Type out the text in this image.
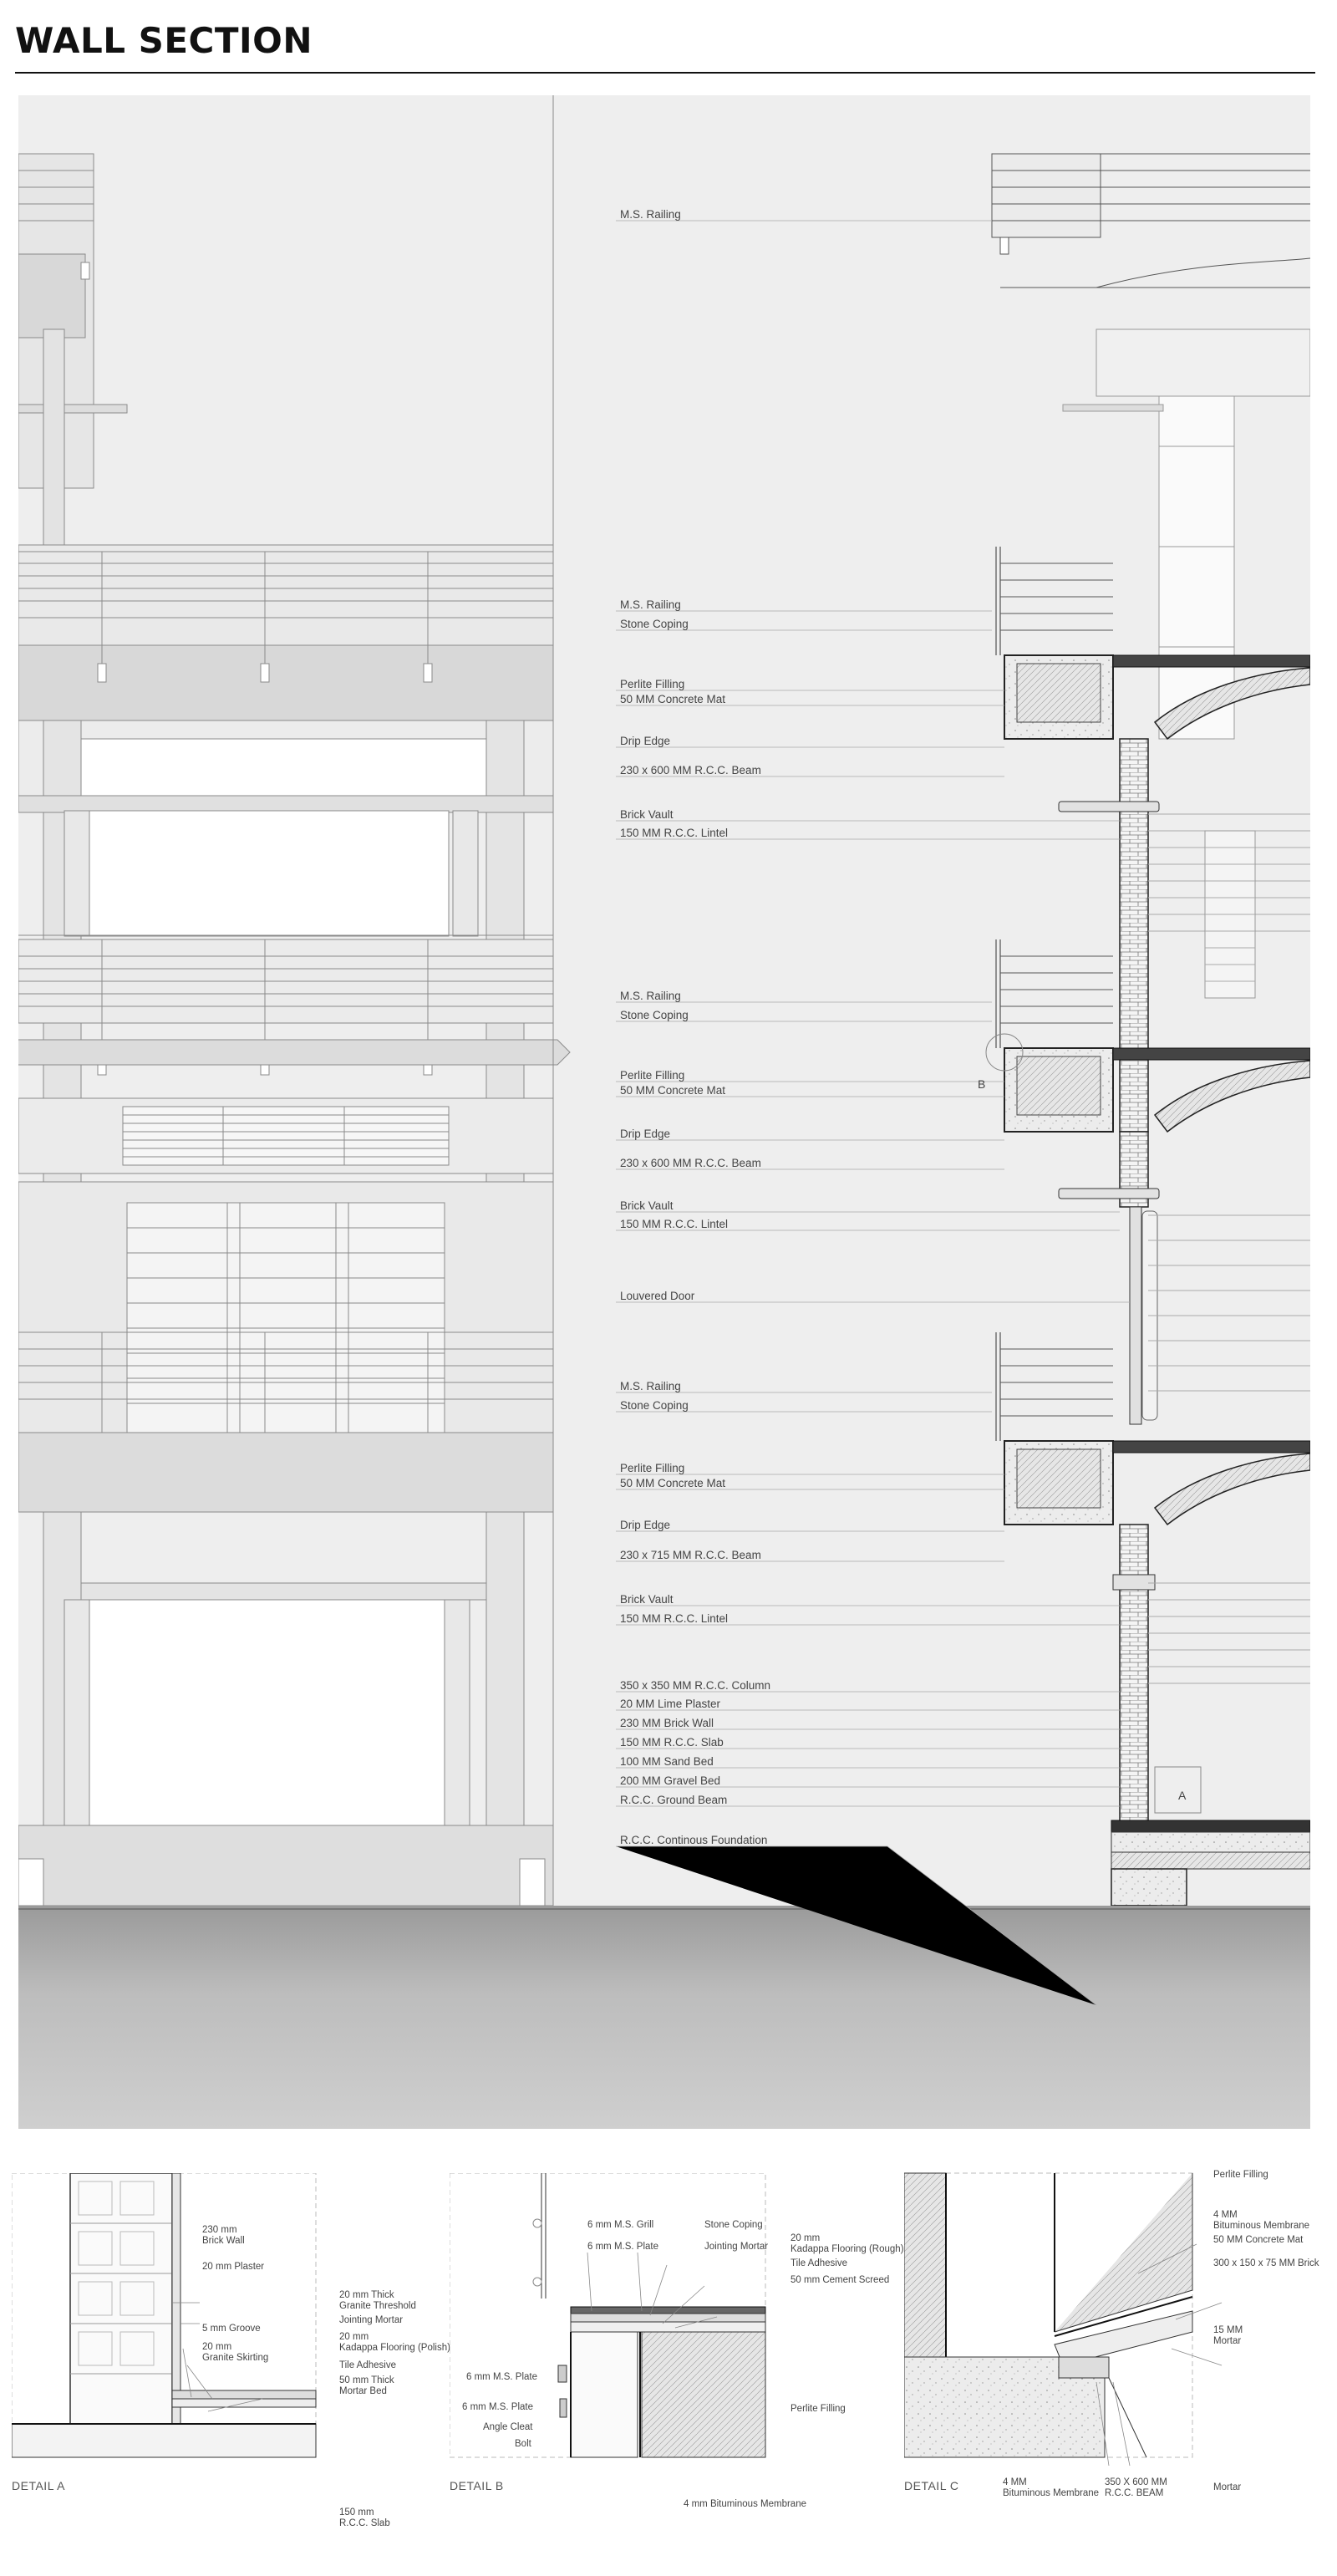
WALL SECTION
M.S. Railing
M.S. Railing
Stone Coping
Perlite Filling
50 MM Concrete Mat
Drip Edge
230 x 600 MM R.C.C. Beam
Brick Vault
150 MM R.C.C. Lintel
M.S. Railing
Stone Coping
Perlite Filling
50 MM Concrete Mat
Drip Edge
230 x 600 MM R.C.C. Beam
Brick Vault
150 MM R.C.C. Lintel
Louvered Door
M.S. Railing
Stone Coping
Perlite Filling
50 MM Concrete Mat
Drip Edge
230 x 715 MM R.C.C. Beam
Brick Vault
150 MM R.C.C. Lintel
350 x 350 MM R.C.C. Column
20 MM Lime Plaster
230 MM Brick Wall
150 MM R.C.C. Slab
100 MM Sand Bed
200 MM Gravel Bed
R.C.C. Ground Beam
R.C.C. Continous Foundation
B
A
230 mm
Brick Wall
20 mm Plaster
20 mm Thick
Granite Threshold
Jointing Mortar
20 mm
Kadappa Flooring (Polish)
5 mm Groove
20 mm
Granite Skirting
Tile Adhesive
50 mm Thick
Mortar Bed
150 mm
R.C.C. Slab
DETAIL A
6 mm M.S. Grill	Stone Coping
6 mm M.S. Plate	Jointing Mortar
20 mm
Kadappa Flooring (Rough)
Tile Adhesive
50 mm Cement Screed
6 mm M.S. Plate
6 mm M.S. Plate
Angle Cleat
Bolt
Perlite Filling
4 mm Bituminous Membrane
DETAIL B
Perlite Filling
4 MM
Bituminous Membrane
50 MM Concrete Mat
300 x 150 x 75 MM Brick
15 MM
Mortar
4 MM
Bituminous Membrane
350 X 600 MM
R.C.C. BEAM
Mortar
DETAIL C
